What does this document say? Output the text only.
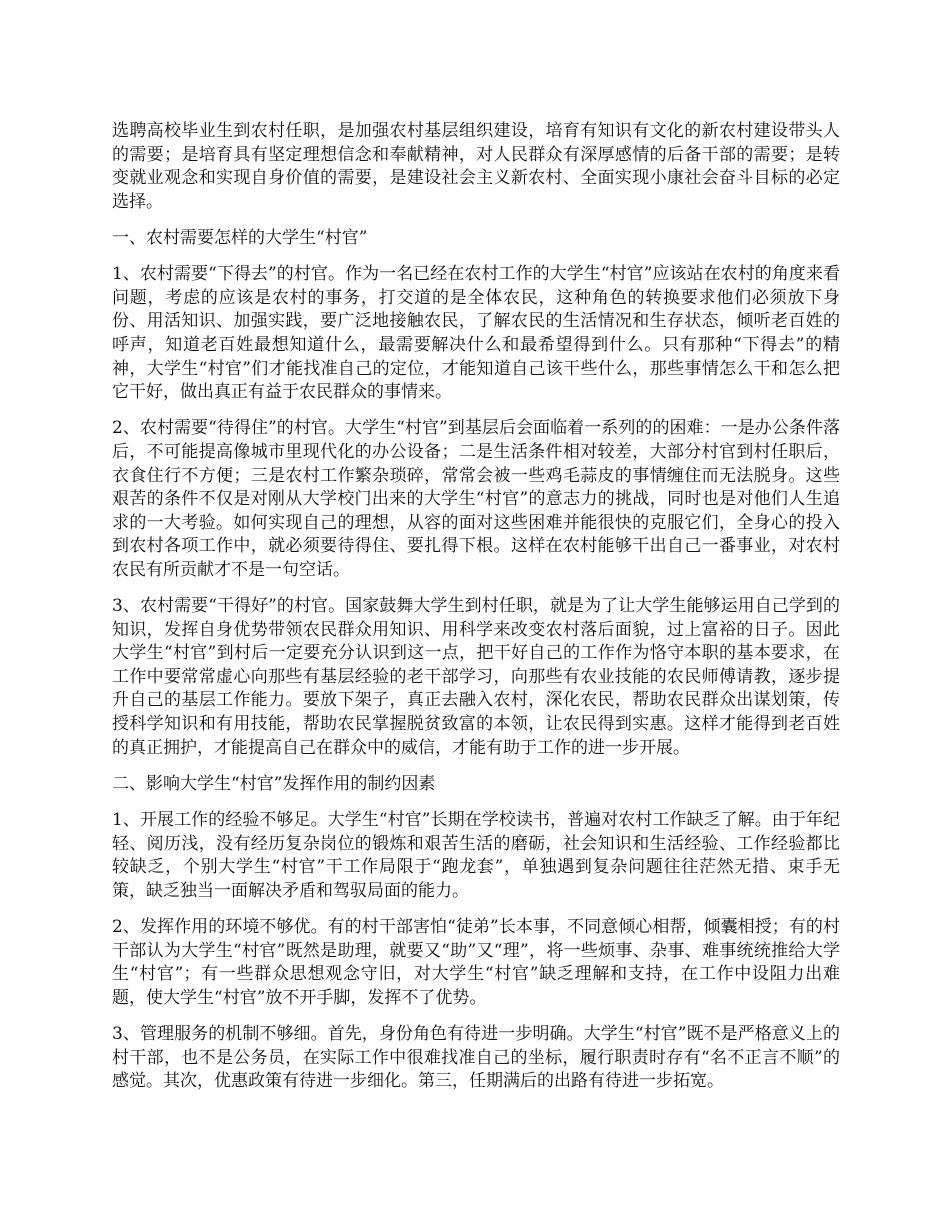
选聘高校毕业生到农村任职，是加强农村基层组织建设，培育有知识有文化的新农村建设带头人的需要；是培育具有坚定理想信念和奉献精神，对人民群众有深厚感情的后备干部的需要；是转变就业观念和实现自身价值的需要，是建设社会主义新农村、全面实现小康社会奋斗目标的必定选择。

一、农村需要怎样的大学生“村官”

1、农村需要“下得去”的村官。作为一名已经在农村工作的大学生“村官”应该站在农村的角度来看问题，考虑的应该是农村的事务，打交道的是全体农民，这种角色的转换要求他们必须放下身份、用活知识、加强实践，要广泛地接触农民，了解农民的生活情况和生存状态，倾听老百姓的呼声，知道老百姓最想知道什么，最需要解决什么和最希望得到什么。只有那种“下得去”的精神，大学生“村官”们才能找准自己的定位，才能知道自己该干些什么，那些事情怎么干和怎么把它干好，做出真正有益于农民群众的事情来。

2、农村需要“待得住”的村官。大学生“村官”到基层后会面临着一系列的的困难：一是办公条件落后，不可能提高像城市里现代化的办公设备；二是生活条件相对较差，大部分村官到村任职后，衣食住行不方便；三是农村工作繁杂琐碎，常常会被一些鸡毛蒜皮的事情缠住而无法脱身。这些艰苦的条件不仅是对刚从大学校门出来的大学生“村官”的意志力的挑战，同时也是对他们人生追求的一大考验。如何实现自己的理想，从容的面对这些困难并能很快的克服它们，全身心的投入到农村各项工作中，就必须要待得住、要扎得下根。这样在农村能够干出自己一番事业，对农村农民有所贡献才不是一句空话。

3、农村需要“干得好”的村官。国家鼓舞大学生到村任职，就是为了让大学生能够运用自己学到的知识，发挥自身优势带领农民群众用知识、用科学来改变农村落后面貌，过上富裕的日子。因此大学生“村官”到村后一定要充分认识到这一点，把干好自己的工作作为恪守本职的基本要求，在工作中要常常虚心向那些有基层经验的老干部学习，向那些有农业技能的农民师傅请教，逐步提升自己的基层工作能力。要放下架子，真正去融入农村，深化农民，帮助农民群众出谋划策，传授科学知识和有用技能，帮助农民掌握脱贫致富的本领，让农民得到实惠。这样才能得到老百姓的真正拥护，才能提高自己在群众中的威信，才能有助于工作的进一步开展。

二、影响大学生“村官”发挥作用的制约因素

1、开展工作的经验不够足。大学生“村官”长期在学校读书，普遍对农村工作缺乏了解。由于年纪轻、阅历浅，没有经历复杂岗位的锻炼和艰苦生活的磨砺，社会知识和生活经验、工作经验都比较缺乏，个别大学生“村官”干工作局限于“跑龙套”，单独遇到复杂问题往往茫然无措、束手无策，缺乏独当一面解决矛盾和驾驭局面的能力。

2、发挥作用的环境不够优。有的村干部害怕“徒弟”长本事，不同意倾心相帮，倾囊相授；有的村干部认为大学生“村官”既然是助理，就要又“助”又“理”，将一些烦事、杂事、难事统统推给大学生“村官”；有一些群众思想观念守旧，对大学生“村官”缺乏理解和支持，在工作中设阻力出难题，使大学生“村官”放不开手脚，发挥不了优势。

3、管理服务的机制不够细。首先，身份角色有待进一步明确。大学生“村官”既不是严格意义上的村干部，也不是公务员，在实际工作中很难找准自己的坐标，履行职责时存有“名不正言不顺”的感觉。其次，优惠政策有待进一步细化。第三，任期满后的出路有待进一步拓宽。
